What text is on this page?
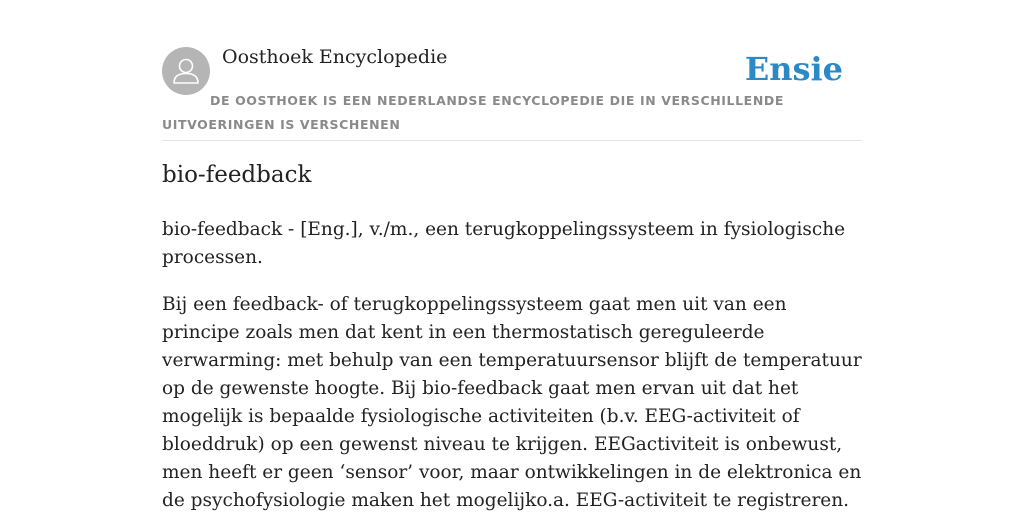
Oosthoek Encyclopedie	Ensie
DE OOSTHOEK IS EEN NEDERLANDSE ENCYCLOPEDIE DIE IN VERSCHILLENDE UITVOERINGEN IS VERSCHENEN
bio-feedback

bio-feedback - [Eng.], v./m., een terugkoppelingssysteem in fysiologische processen.

Bij een feedback- of terugkoppelingssysteem gaat men uit van een principe zoals men dat kent in een thermostatisch gereguleerde verwarming: met behulp van een temperatuursensor blijft de temperatuur op de gewenste hoogte. Bij bio-feedback gaat men ervan uit dat het mogelijk is bepaalde fysiologische activiteiten (b.v. EEG-activiteit of bloeddruk) op een gewenst niveau te krijgen. EEGactiviteit is onbewust, men heeft er geen ‘sensor’ voor, maar ontwikkelingen in de elektronica en de psychofysiologie maken het mogelijko.a. EEG-activiteit te registreren.
